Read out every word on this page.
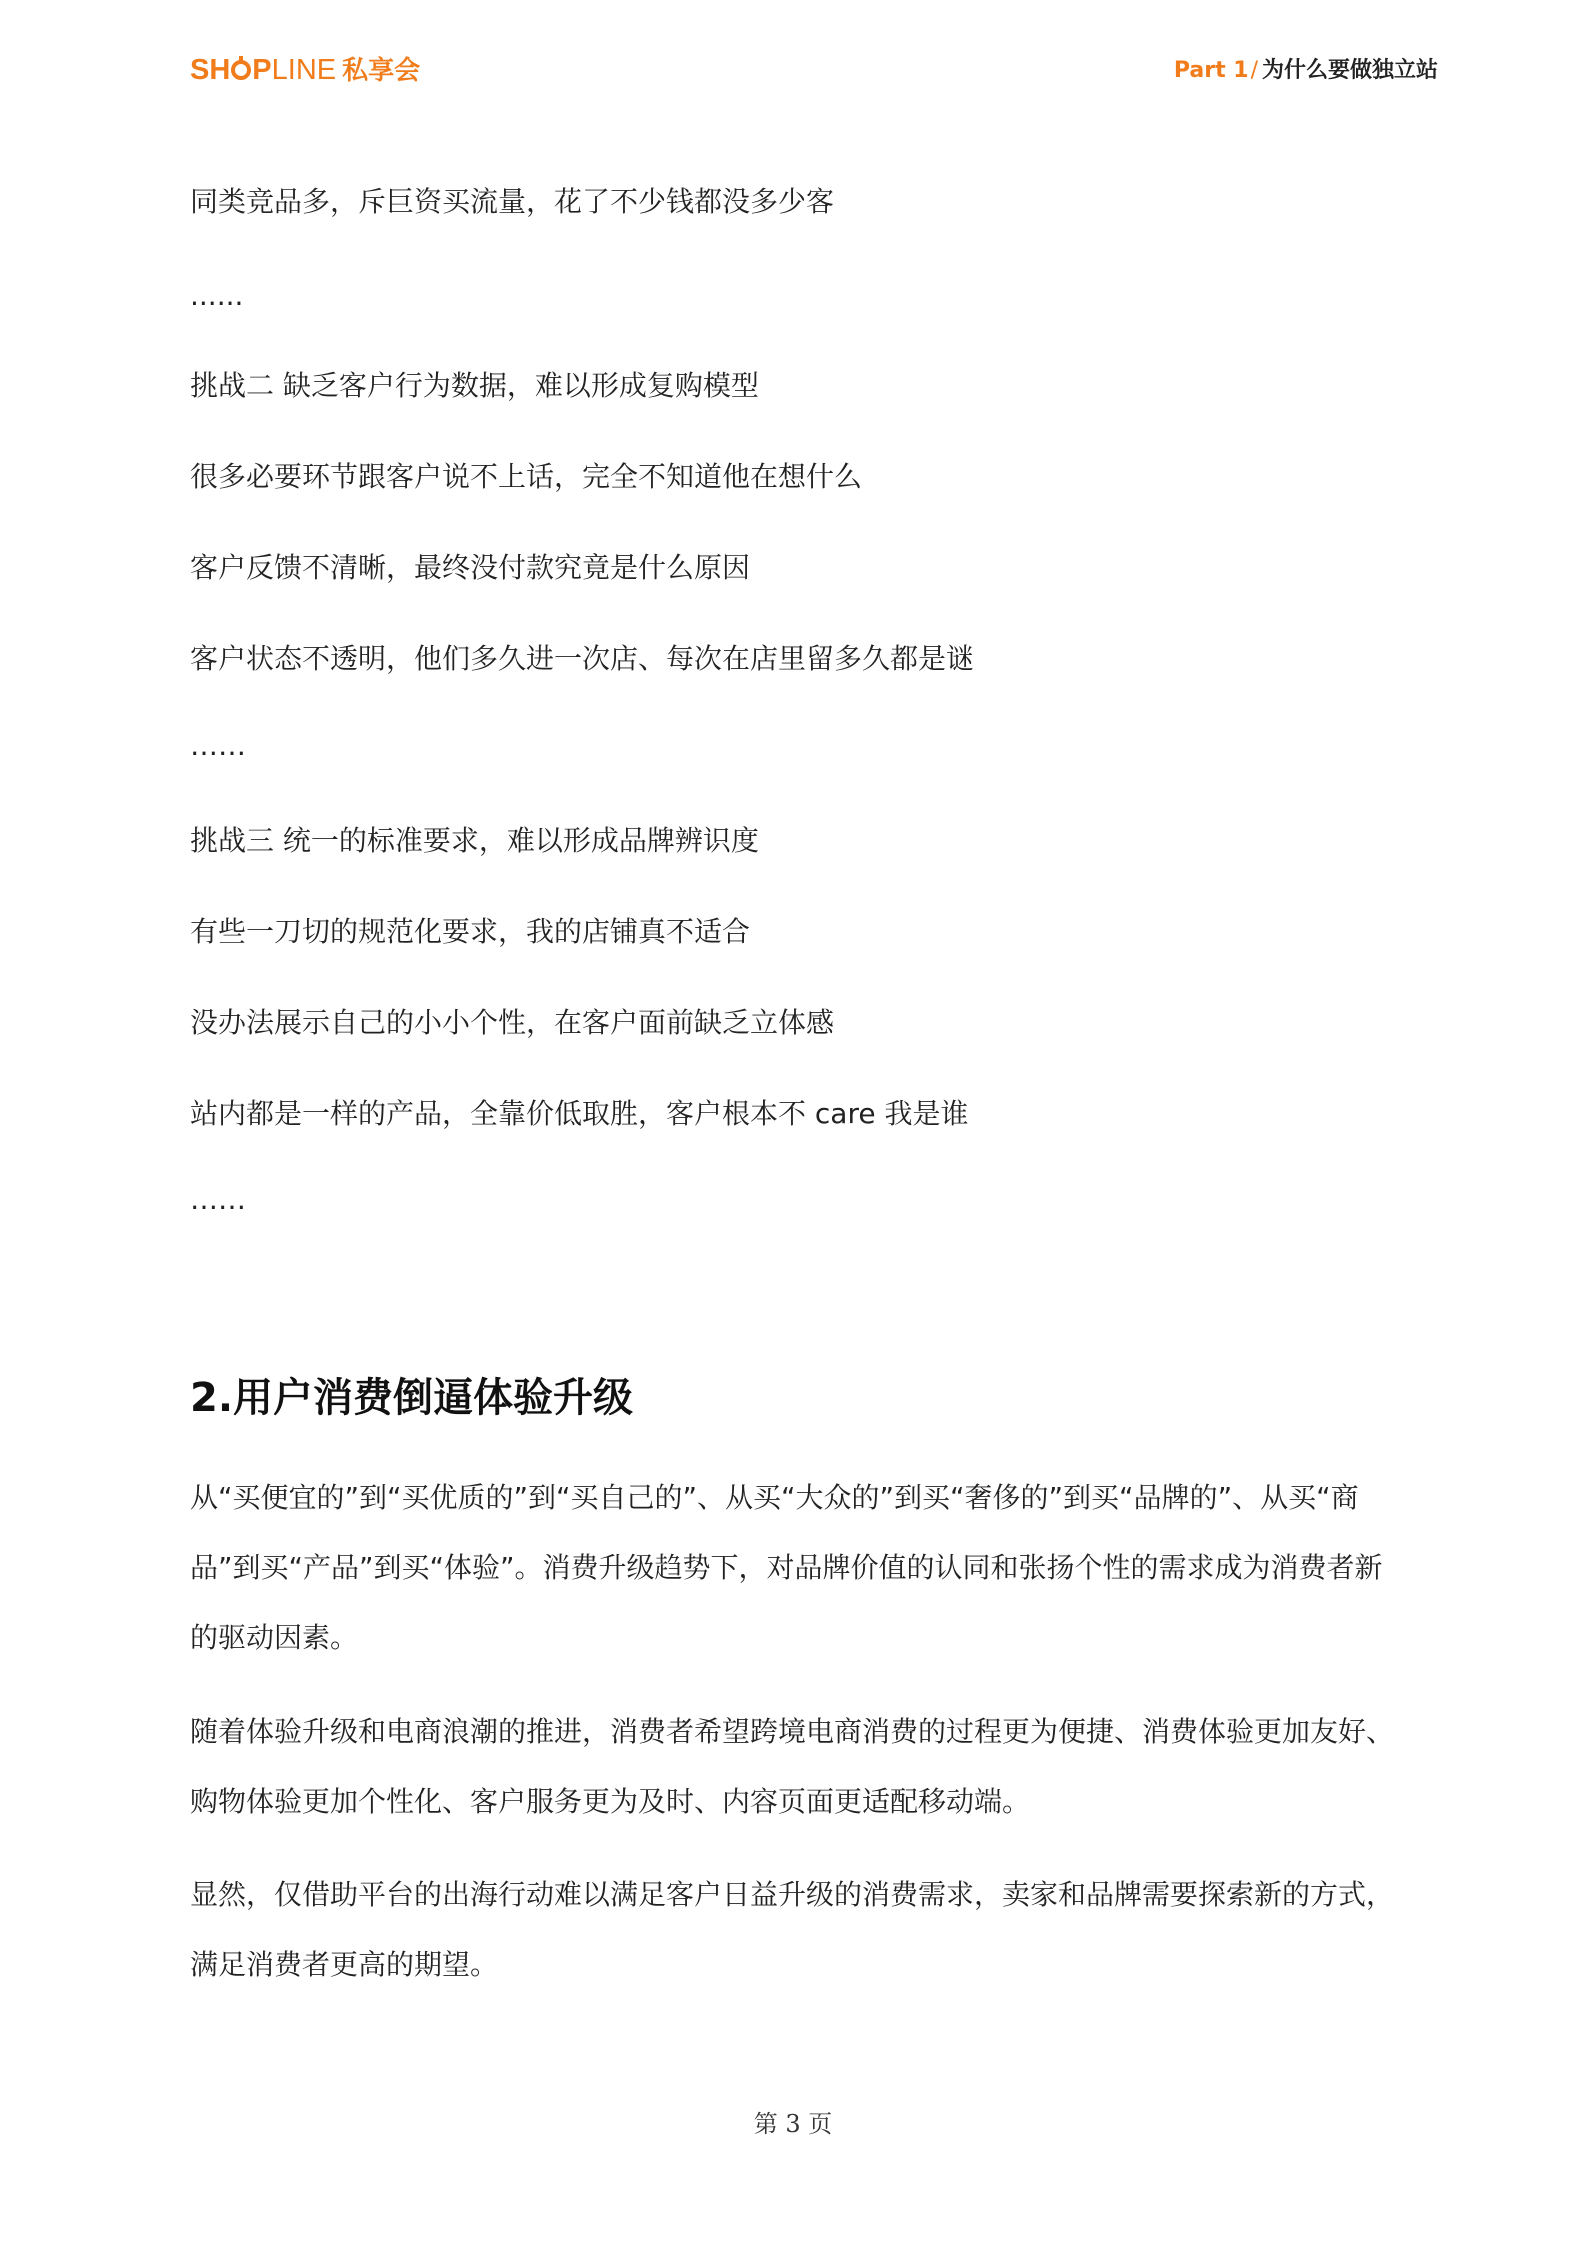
SH PLINE 私享会	Part 1/ 为什么要做独立站
同类竞品多，斥巨资买流量，花了不少钱都没多少客
......
挑战二 缺乏客户行为数据，难以形成复购模型
很多必要环节跟客户说不上话，完全不知道他在想什么
客户反馈不清晰，最终没付款究竟是什么原因
客户状态不透明，他们多久进一次店、每次在店里留多久都是谜
……
挑战三 统一的标准要求，难以形成品牌辨识度
有些一刀切的规范化要求，我的店铺真不适合
没办法展示自己的小小个性，在客户面前缺乏立体感
站内都是一样的产品，全靠价低取胜，客户根本不 care 我是谁
……
2.用户消费倒逼体验升级

从“买便宜的”到“买优质的”到“买自己的”、从买“大众的”到买“奢侈的”到买“品牌的”、从买“商品”到买“产品”到买“体验”。消费升级趋势下，对品牌价值的认同和张扬个性的需求成为消费者新的驱动因素。

随着体验升级和电商浪潮的推进，消费者希望跨境电商消费的过程更为便捷、消费体验更加友好、购物体验更加个性化、客户服务更为及时、内容页面更适配移动端。

显然，仅借助平台的出海行动难以满足客户日益升级的消费需求，卖家和品牌需要探索新的方式，满足消费者更高的期望。

第 3 页
